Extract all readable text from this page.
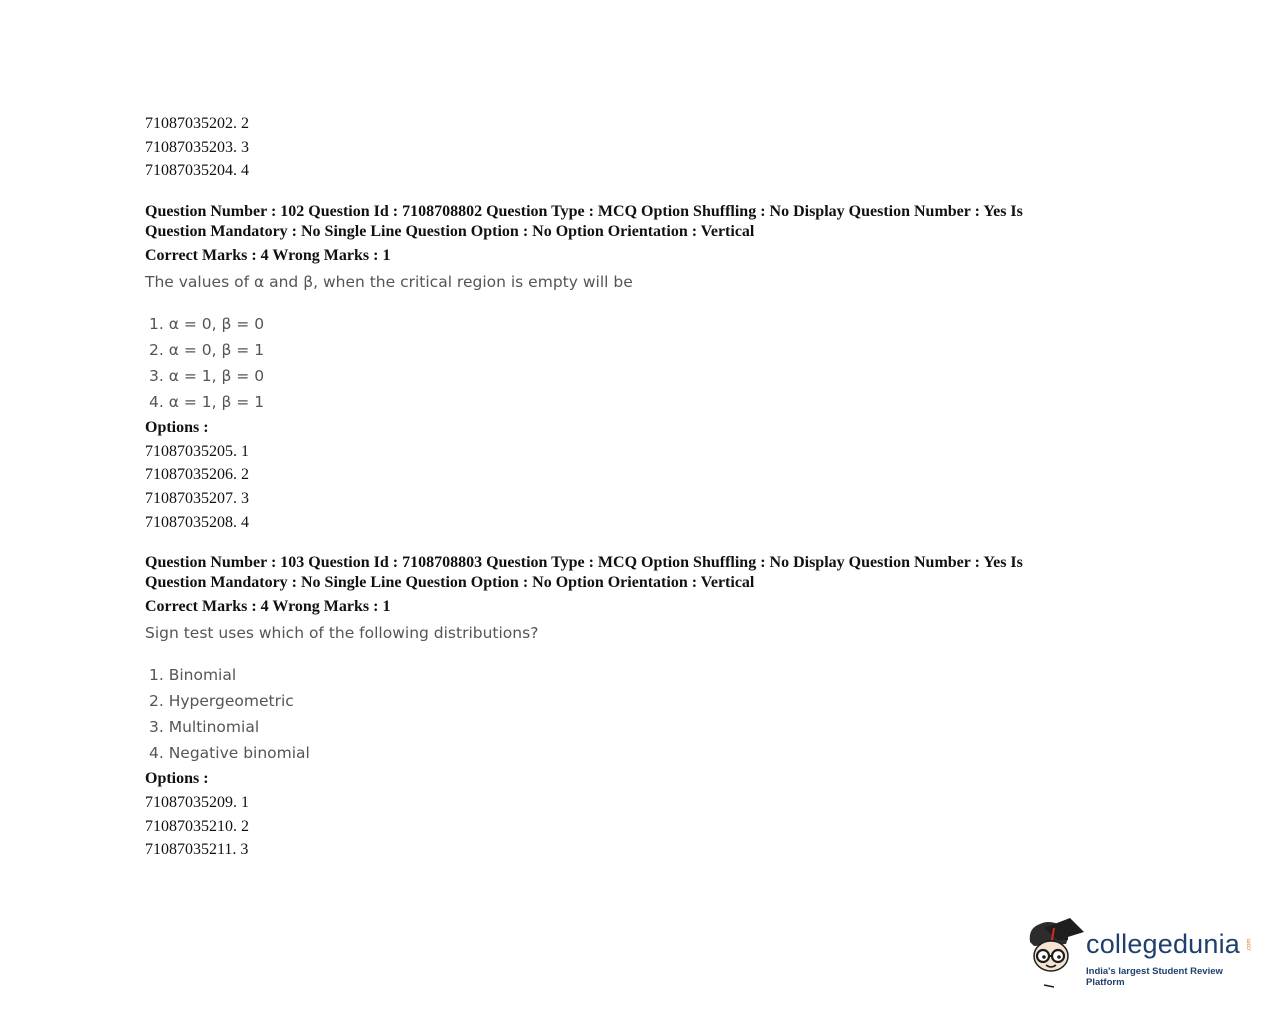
71087035202. 2
71087035203. 3
71087035204. 4
Question Number : 102 Question Id : 7108708802 Question Type : MCQ Option Shuffling : No Display Question Number : Yes Is
Question Mandatory : No Single Line Question Option : No Option Orientation : Vertical
Correct Marks : 4 Wrong Marks : 1
The values of α and β, when the critical region is empty will be
1. α = 0, β = 0
2. α = 0, β = 1
3. α = 1, β = 0
4. α = 1, β = 1
Options :
71087035205. 1
71087035206. 2
71087035207. 3
71087035208. 4
Question Number : 103 Question Id : 7108708803 Question Type : MCQ Option Shuffling : No Display Question Number : Yes Is
Question Mandatory : No Single Line Question Option : No Option Orientation : Vertical
Correct Marks : 4 Wrong Marks : 1
Sign test uses which of the following distributions?
1. Binomial
2. Hypergeometric
3. Multinomial
4. Negative binomial
Options :
71087035209. 1
71087035210. 2
71087035211. 3
collegedunia .com
India's largest Student Review Platform
